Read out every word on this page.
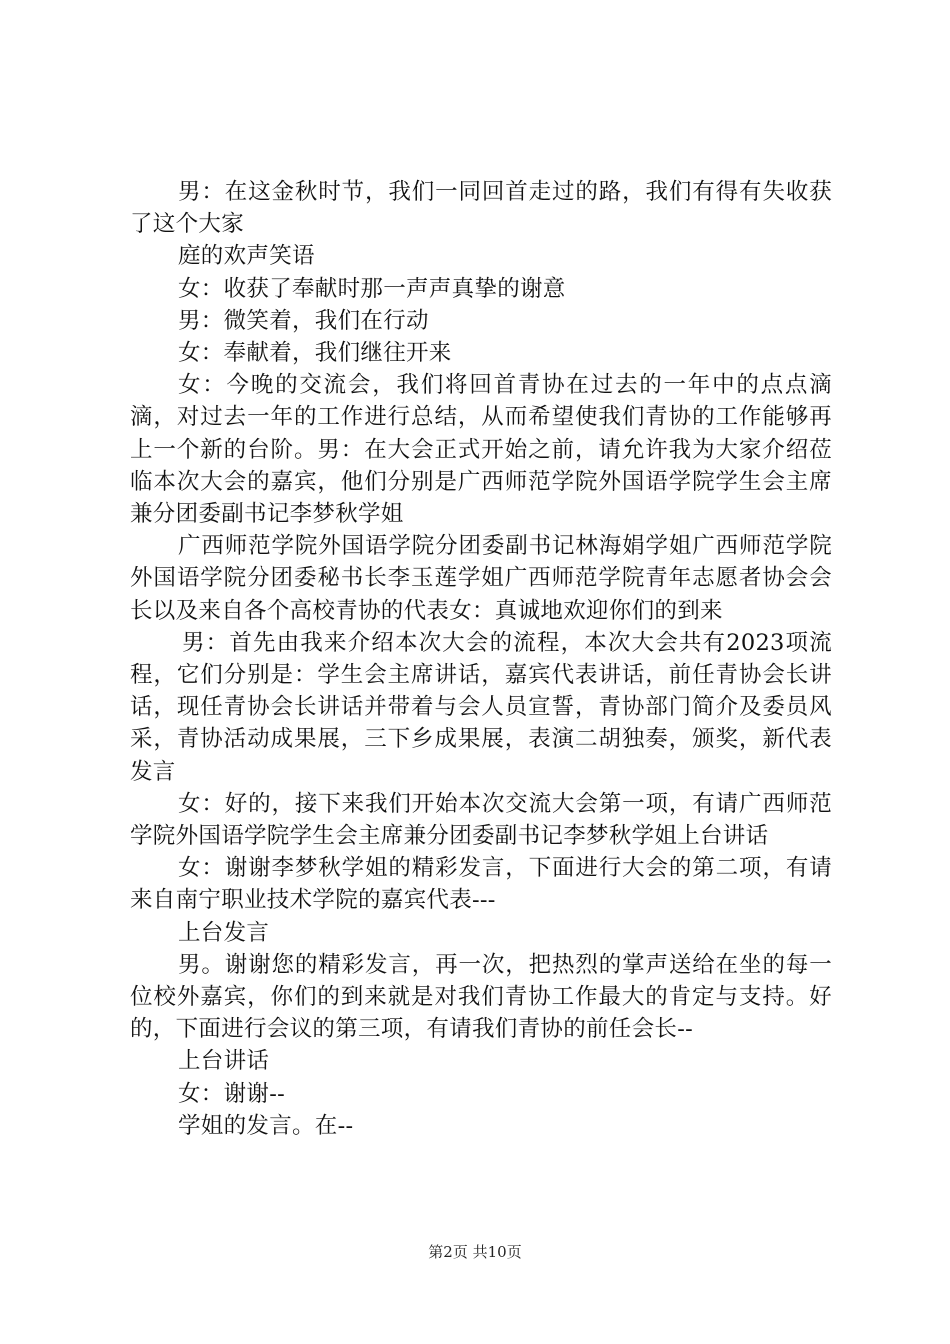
男：在这金秋时节，我们一同回首走过的路，我们有得有失收获了这个大家

庭的欢声笑语

女：收获了奉献时那一声声真挚的谢意

男：微笑着，我们在行动

女：奉献着，我们继往开来

女：今晚的交流会，我们将回首青协在过去的一年中的点点滴滴，对过去一年的工作进行总结，从而希望使我们青协的工作能够再上一个新的台阶。男：在大会正式开始之前，请允许我为大家介绍莅临本次大会的嘉宾，他们分别是广西师范学院外国语学院学生会主席兼分团委副书记李梦秋学姐

广西师范学院外国语学院分团委副书记林海娟学姐广西师范学院外国语学院分团委秘书长李玉莲学姐广西师范学院青年志愿者协会会长以及来自各个高校青协的代表女：真诚地欢迎你们的到来

男：首先由我来介绍本次大会的流程，本次大会共有2023项流程，它们分别是：学生会主席讲话，嘉宾代表讲话，前任青协会长讲话，现任青协会长讲话并带着与会人员宣誓，青协部门简介及委员风采，青协活动成果展，三下乡成果展，表演二胡独奏，颁奖，新代表发言

女：好的，接下来我们开始本次交流大会第一项，有请广西师范学院外国语学院学生会主席兼分团委副书记李梦秋学姐上台讲话

女：谢谢李梦秋学姐的精彩发言，下面进行大会的第二项，有请来自南宁职业技术学院的嘉宾代表---

上台发言

男。谢谢您的精彩发言，再一次，把热烈的掌声送给在坐的每一位校外嘉宾，你们的到来就是对我们青协工作最大的肯定与支持。好的，下面进行会议的第三项，有请我们青协的前任会长--

上台讲话

女：谢谢--

学姐的发言。在--

第2页 共10页
